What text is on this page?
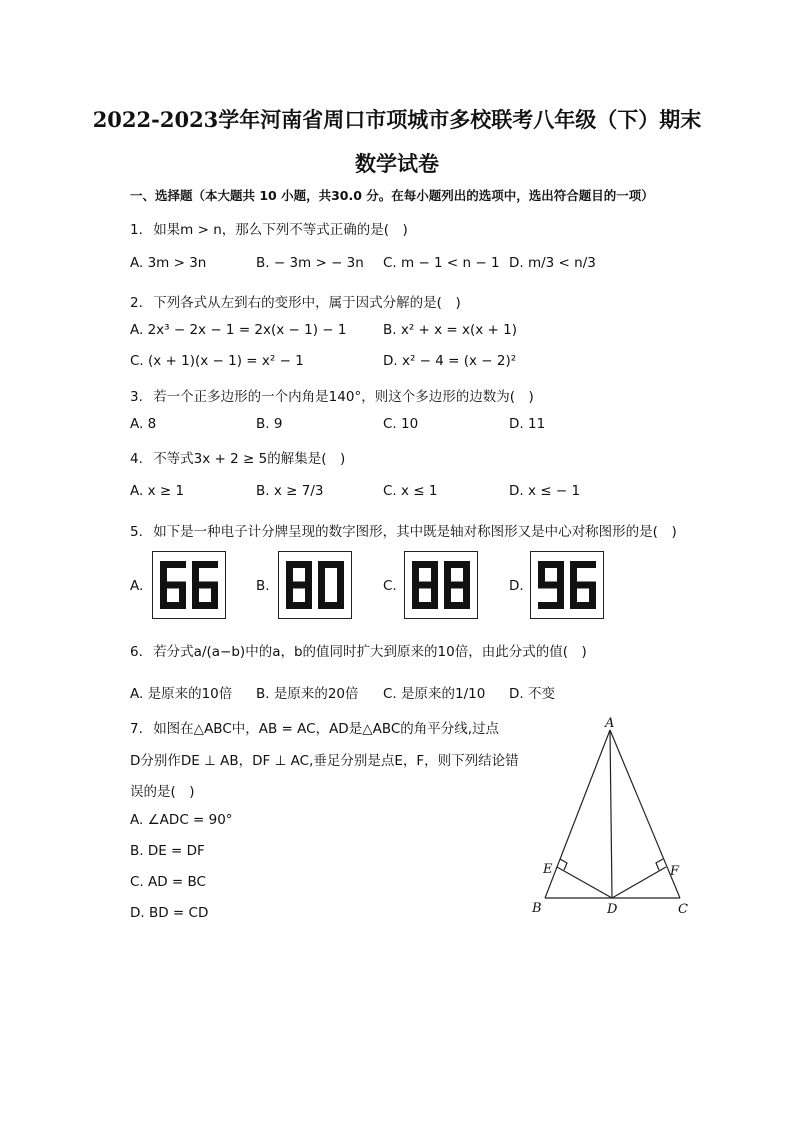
2022-2023学年河南省周口市项城市多校联考八年级（下）期末
数学试卷
一、选择题（本大题共 10 小题，共30.0 分。在每小题列出的选项中，选出符合题目的一项）
1. 如果m > n，那么下列不等式正确的是(　)
A. 3m > 3n	B. − 3m > − 3n C. m − 1 < n − 1 D. m/3 < n/3
2. 下列各式从左到右的变形中，属于因式分解的是(　)
A. 2x³ − 2x − 1 = 2x(x − 1) − 1	B. x² + x = x(x + 1)
C. (x + 1)(x − 1) = x² − 1	D. x² − 4 = (x − 2)²
3. 若一个正多边形的一个内角是140°，则这个多边形的边数为(　)
A. 8	B. 9	C. 10	D. 11
4. 不等式3x + 2 ≥ 5的解集是(　)
A. x ≥ 1	B. x ≥ 7/3	C. x ≤ 1	D. x ≤ − 1
5. 如下是一种电子计分牌呈现的数字图形，其中既是轴对称图形又是中心对称图形的是(　)
A.	B.	C.	D.
6. 若分式a/(a−b)中的a，b的值同时扩大到原来的10倍，由此分式的值(　)
A. 是原来的10倍 B. 是原来的20倍 C. 是原来的1/10 D. 不变
7. 如图在△ABC中，AB = AC，AD是△ABC的角平分线,过点
D分别作DE ⊥ AB，DF ⊥ AC,垂足分别是点E，F，则下列结论错
误的是(　)
A. ∠ADC = 90°
B. DE = DF
C. AD = BC
D. BD = CD
A
B	C
D
E	F
